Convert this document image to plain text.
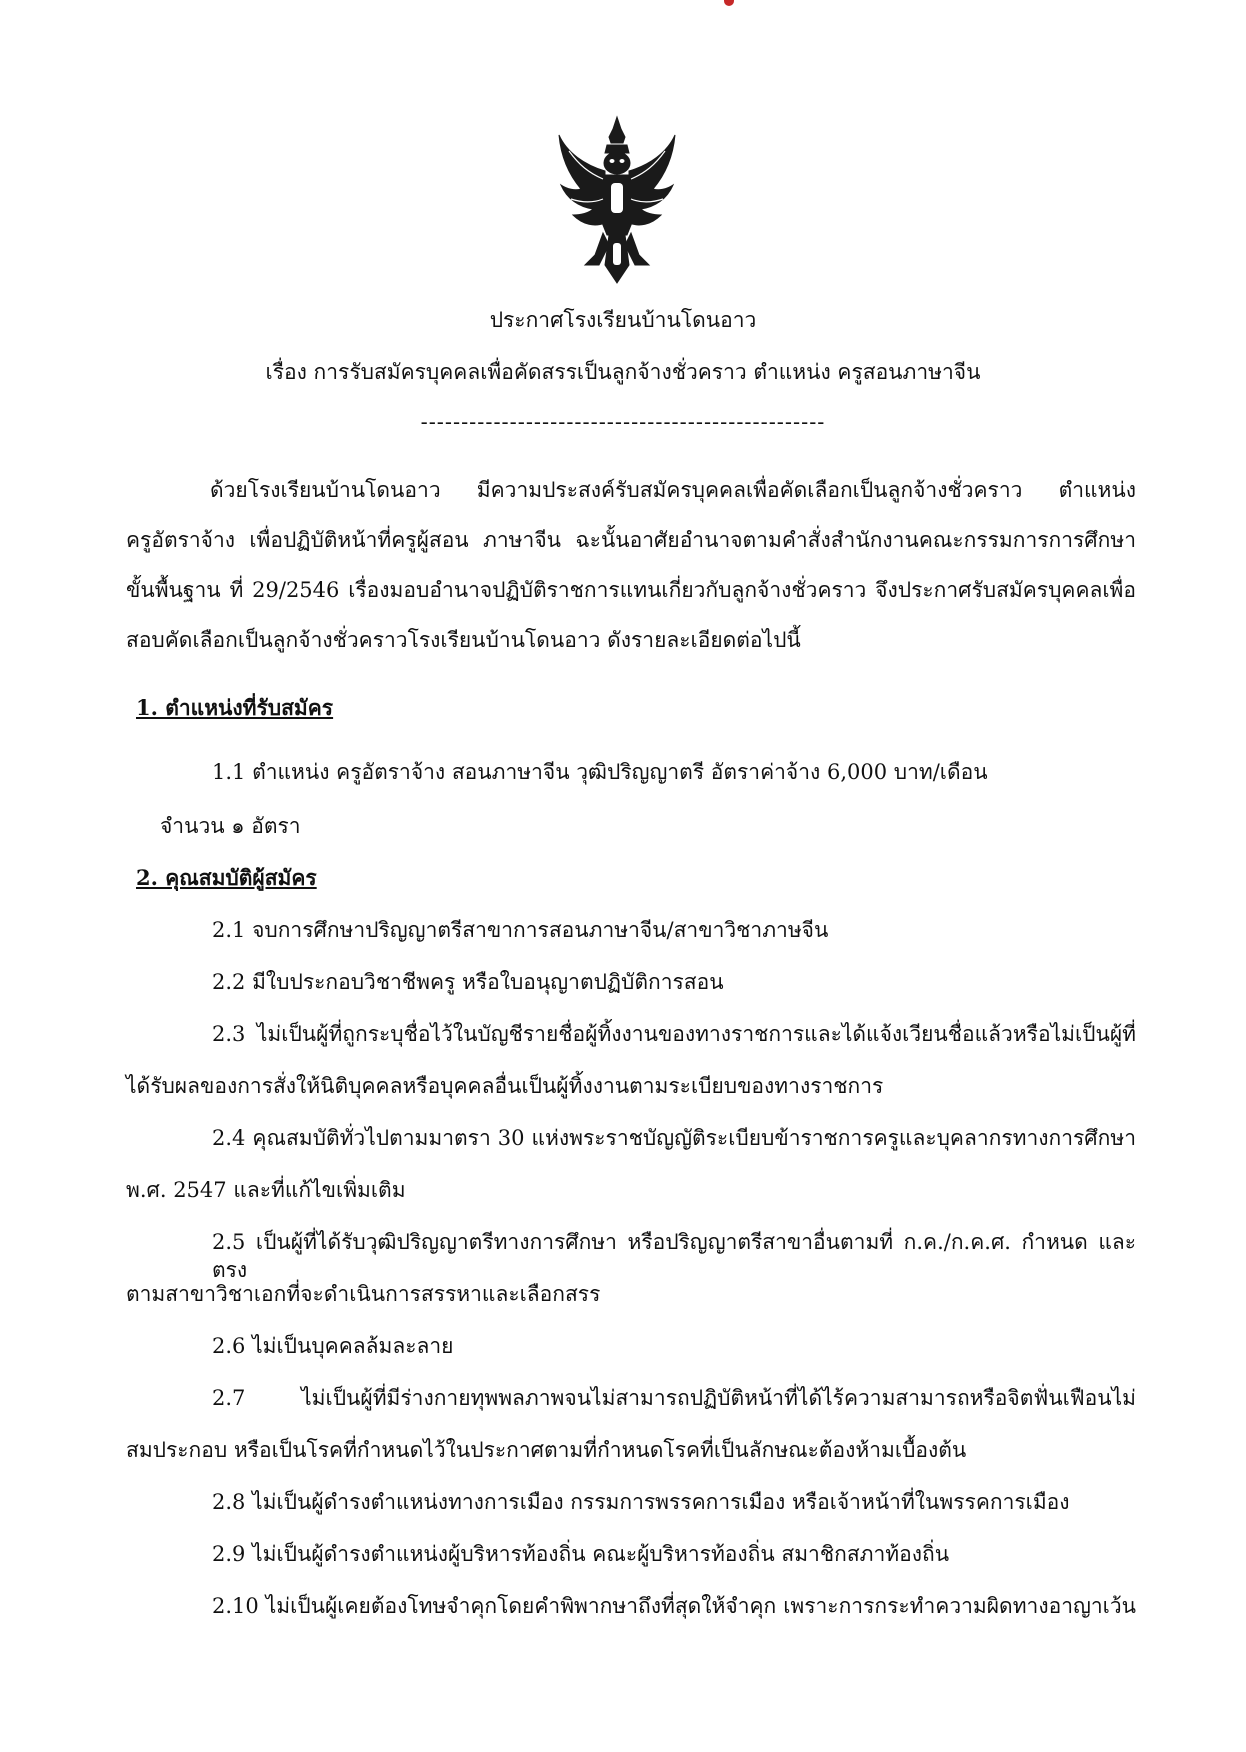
ประกาศโรงเรียนบ้านโดนอาว
เรื่อง การรับสมัครบุคคลเพื่อคัดสรรเป็นลูกจ้างชั่วคราว ตำแหน่ง ครูสอนภาษาจีน
--------------------------------------------------
ด้วยโรงเรียนบ้านโดนอาว มีความประสงค์รับสมัครบุคคลเพื่อคัดเลือกเป็นลูกจ้างชั่วคราว ตำแหน่ง
ครูอัตราจ้าง เพื่อปฏิบัติหน้าที่ครูผู้สอน ภาษาจีน ฉะนั้นอาศัยอำนาจตามคำสั่งสำนักงานคณะกรรมการการศึกษา
ขั้นพื้นฐาน ที่ 29/2546 เรื่องมอบอำนาจปฏิบัติราชการแทนเกี่ยวกับลูกจ้างชั่วคราว จึงประกาศรับสมัครบุคคลเพื่อ
สอบคัดเลือกเป็นลูกจ้างชั่วคราวโรงเรียนบ้านโดนอาว ดังรายละเอียดต่อไปนี้
1. ตำแหน่งที่รับสมัคร
1.1 ตำแหน่ง ครูอัตราจ้าง สอนภาษาจีน วุฒิปริญญาตรี อัตราค่าจ้าง 6,000 บาท/เดือน
จำนวน ๑ อัตรา
2. คุณสมบัติผู้สมัคร
2.1 จบการศึกษาปริญญาตรีสาขาการสอนภาษาจีน/สาขาวิชาภาษจีน
2.2 มีใบประกอบวิชาชีพครู หรือใบอนุญาตปฏิบัติการสอน
2.3 ไม่เป็นผู้ที่ถูกระบุชื่อไว้ในบัญชีรายชื่อผู้ทิ้งงานของทางราชการและได้แจ้งเวียนชื่อแล้วหรือไม่เป็นผู้ที่
ได้รับผลของการสั่งให้นิติบุคคลหรือบุคคลอื่นเป็นผู้ทิ้งงานตามระเบียบของทางราชการ
2.4 คุณสมบัติทั่วไปตามมาตรา 30 แห่งพระราชบัญญัติระเบียบข้าราชการครูและบุคลากรทางการศึกษา
พ.ศ. 2547 และที่แก้ไขเพิ่มเติม
2.5 เป็นผู้ที่ได้รับวุฒิปริญญาตรีทางการศึกษา หรือปริญญาตรีสาขาอื่นตามที่ ก.ค./ก.ค.ศ. กำหนด และตรง
ตามสาขาวิชาเอกที่จะดำเนินการสรรหาและเลือกสรร
2.6 ไม่เป็นบุคคลล้มละลาย
2.7 ไม่เป็นผู้ที่มีร่างกายทุพพลภาพจนไม่สามารถปฏิบัติหน้าที่ได้ไร้ความสามารถหรือจิตฟั่นเฟือนไม่
สมประกอบ หรือเป็นโรคที่กำหนดไว้ในประกาศตามที่กำหนดโรคที่เป็นลักษณะต้องห้ามเบื้องต้น
2.8 ไม่เป็นผู้ดำรงตำแหน่งทางการเมือง กรรมการพรรคการเมือง หรือเจ้าหน้าที่ในพรรคการเมือง
2.9 ไม่เป็นผู้ดำรงตำแหน่งผู้บริหารท้องถิ่น คณะผู้บริหารท้องถิ่น สมาชิกสภาท้องถิ่น
2.10 ไม่เป็นผู้เคยต้องโทษจำคุกโดยคำพิพากษาถึงที่สุดให้จำคุก เพราะการกระทำความผิดทางอาญาเว้น
